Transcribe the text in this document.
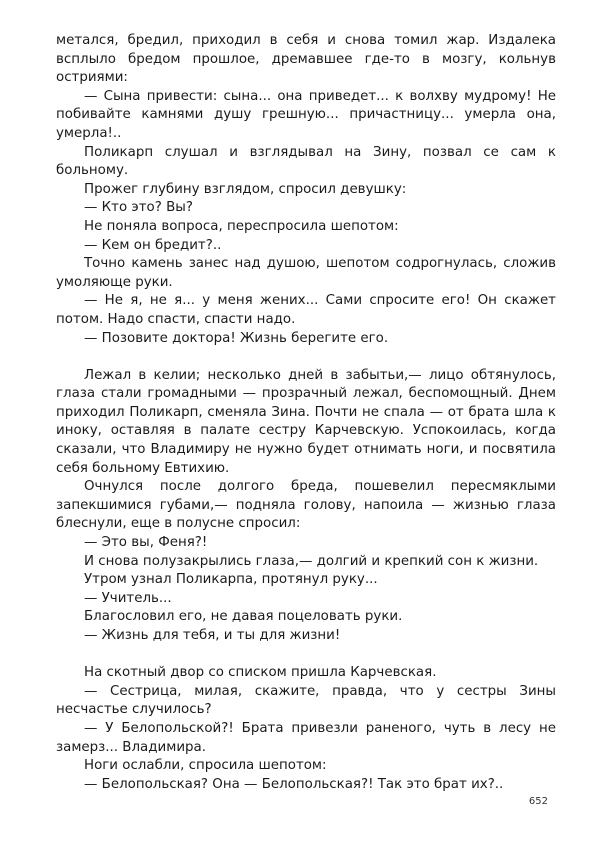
метался, бредил, приходил в себя и снова томил жар. Издалека всплыло бредом прошлое, дремавшее где-то в мозгу, кольнув остриями:

— Сына привести: сына... она приведет... к волхву мудрому! Не побивайте камнями душу грешную... причастницу... умерла она, умерла!..

Поликарп слушал и взглядывал на Зину, позвал се сам к больному.

Прожег глубину взглядом, спросил девушку:

— Кто это? Вы?

Не поняла вопроса, переспросила шепотом:

— Кем он бредит?..

Точно камень занес над душою, шепотом содрогнулась, сложив умоляюще руки.

— Не я, не я... у меня жених... Сами спросите его! Он скажет потом. Надо спасти, спасти надо.

— Позовите доктора! Жизнь берегите его.

Лежал в келии; несколько дней в забытьи,— лицо обтянулось, глаза стали громадными — прозрачный лежал, беспомощный. Днем приходил Поликарп, сменяла Зина. Почти не спала — от брата шла к иноку, оставляя в палате сестру Карчевскую. Успокоилась, когда сказали, что Владимиру не нужно будет отнимать ноги, и посвятила себя больному Евтихию.

Очнулся после долгого бреда, пошевелил пересмяклыми запекшимися губами,— подняла голову, напоила — жизнью глаза блеснули, еще в полусне спросил:

— Это вы, Феня?!

И снова полузакрылись глаза,— долгий и крепкий сон к жизни.

Утром узнал Поликарпа, протянул руку...

— Учитель...

Благословил его, не давая поцеловать руки.

— Жизнь для тебя, и ты для жизни!

На скотный двор со списком пришла Карчевская.

— Сестрица, милая, скажите, правда, что у сестры Зины несчастье случилось?

— У Белопольской?! Брата привезли раненого, чуть в лесу не замерз... Владимира.

Ноги ослабли, спросила шепотом:

— Белопольская? Она — Белопольская?! Так это брат их?..

652
